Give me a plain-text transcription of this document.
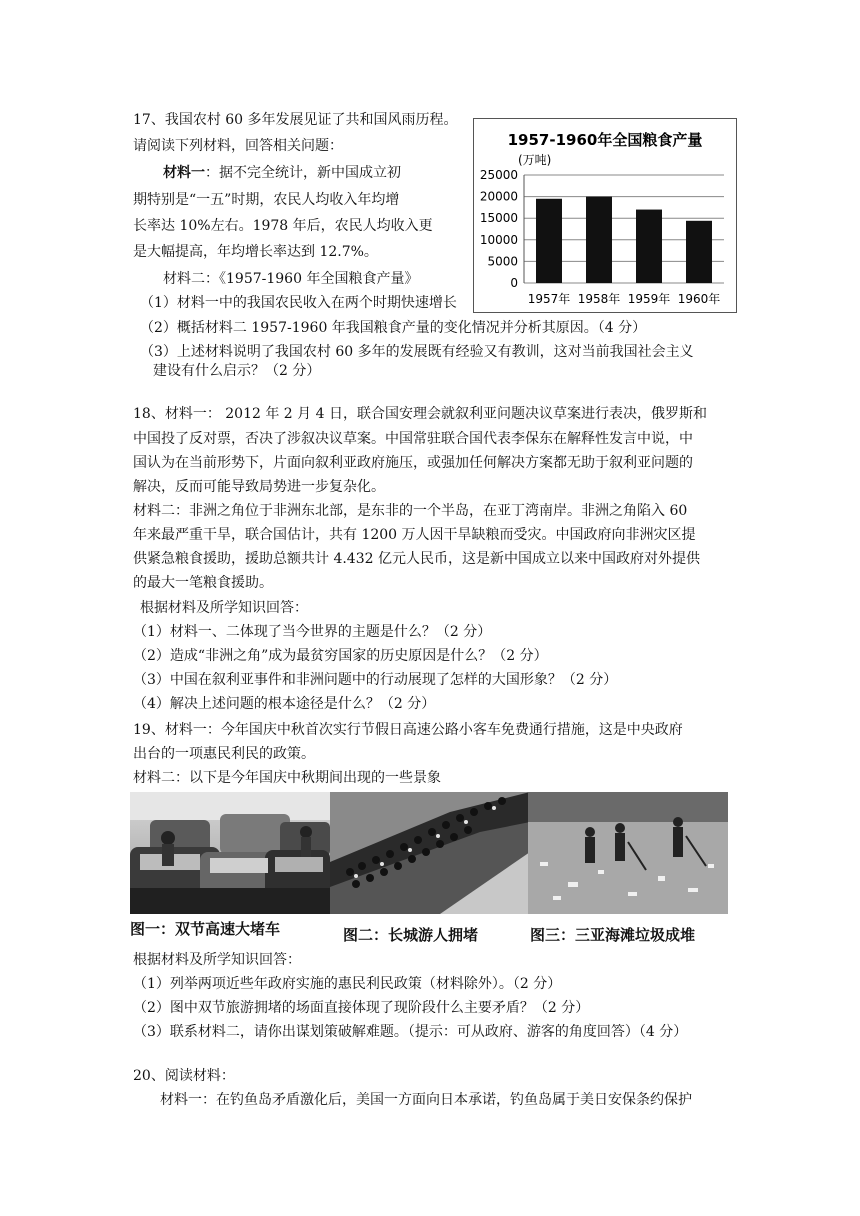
17、我国农村 60 多年发展见证了共和国风雨历程。
请阅读下列材料，回答相关问题：
材料一：据不完全统计，新中国成立初
期特别是“一五”时期，农民人均收入年均增
长率达 10%左右。1978 年后，农民人均收入更
是大幅提高，年均增长率达到 12.7%。
材料二：《1957-1960 年全国粮食产量》
（1）材料一中的我国农民收入在两个时期快速增长
（2）概括材料二 1957-1960 年我国粮食产量的变化情况并分析其原因。（4 分）
（3）上述材料说明了我国农村 60 多年的发展既有经验又有教训，这对当前我国社会主义
建设有什么启示？（2 分）
1957-1960年全国粮食产量
(万吨)
0
5000
10000
15000
20000
25000
1957年 1958年 1959年 1960年
18、材料一： 2012 年 2 月 4 日，联合国安理会就叙利亚问题决议草案进行表决，俄罗斯和
中国投了反对票，否决了涉叙决议草案。中国常驻联合国代表李保东在解释性发言中说，中
国认为在当前形势下，片面向叙利亚政府施压，或强加任何解决方案都无助于叙利亚问题的
解决，反而可能导致局势进一步复杂化。
材料二：非洲之角位于非洲东北部，是东非的一个半岛，在亚丁湾南岸。非洲之角陷入 60
年来最严重干旱，联合国估计，共有 1200 万人因干旱缺粮而受灾。中国政府向非洲灾区提
供紧急粮食援助，援助总额共计 4.432 亿元人民币，这是新中国成立以来中国政府对外提供
的最大一笔粮食援助。
根据材料及所学知识回答：
（1）材料一、二体现了当今世界的主题是什么？（2 分）
（2）造成“非洲之角”成为最贫穷国家的历史原因是什么？（2 分）
（3）中国在叙利亚事件和非洲问题中的行动展现了怎样的大国形象？（2 分）
（4）解决上述问题的根本途径是什么？（2 分）
19、材料一：今年国庆中秋首次实行节假日高速公路小客车免费通行措施，这是中央政府
出台的一项惠民利民的政策。
材料二：以下是今年国庆中秋期间出现的一些景象
图一：双节高速大堵车	图二：长城游人拥堵	图三：三亚海滩垃圾成堆
根据材料及所学知识回答：
（1）列举两项近些年政府实施的惠民利民政策（材料除外）。（2 分）
（2）图中双节旅游拥堵的场面直接体现了现阶段什么主要矛盾？（2 分）
（3）联系材料二，请你出谋划策破解难题。（提示：可从政府、游客的角度回答）（4 分）
20、阅读材料：
材料一：在钓鱼岛矛盾激化后，美国一方面向日本承诺，钓鱼岛属于美日安保条约保护
